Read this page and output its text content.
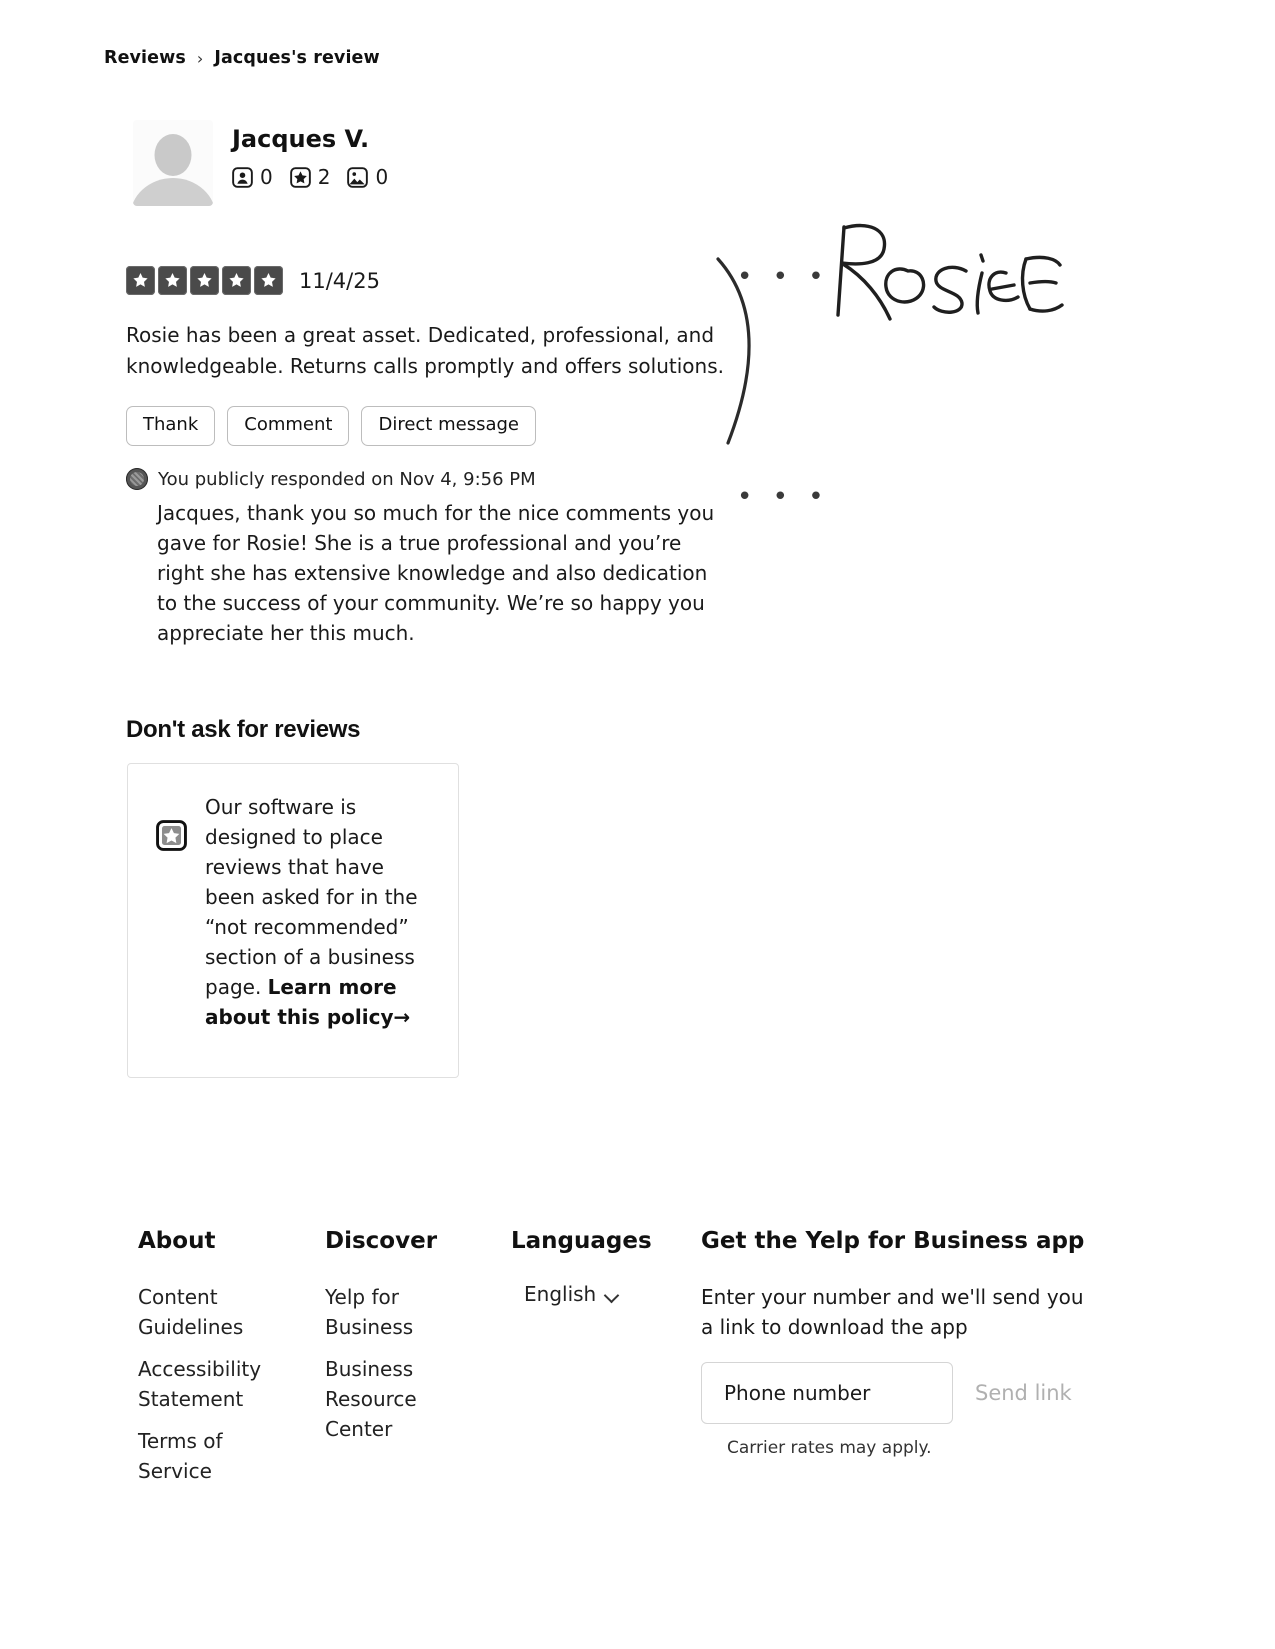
Reviews › Jacques's review
Jacques V.
0 2 0
11/4/25
Rosie has been a great asset. Dedicated, professional, and knowledgeable. Returns calls promptly and offers solutions.
Thank	Comment	Direct message
You publicly responded on Nov 4, 9:56 PM
Jacques, thank you so much for the nice comments you gave for Rosie! She is a true professional and you’re right she has extensive knowledge and also dedication to the success of your community. We’re so happy you appreciate her this much.
• • •
• • •
Don't ask for reviews
Our software is designed to place reviews that have been asked for in the “not recommended” section of a business page. Learn more about this policy→
About
Content Guidelines
Accessibility Statement
Terms of Service
Discover
Yelp for Business
Business Resource Center
Languages
English
Get the Yelp for Business app
Enter your number and we'll send you a link to download the app
Phone number
Send link
Carrier rates may apply.
